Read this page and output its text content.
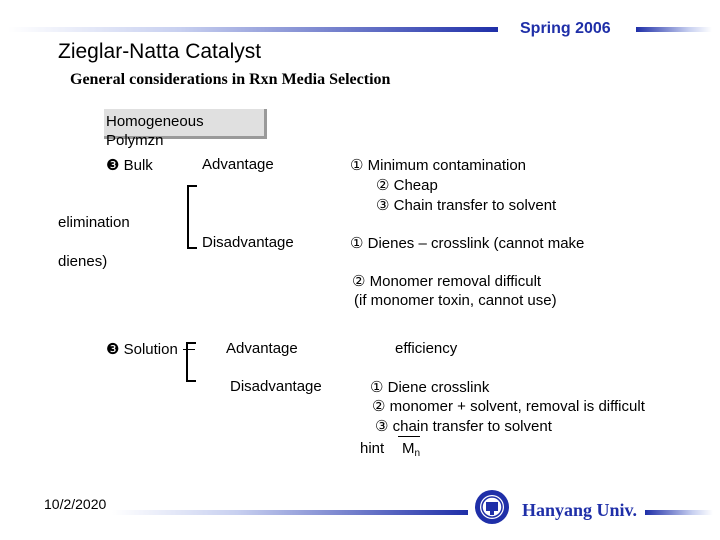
Spring 2006
Zieglar-Natta Catalyst
General considerations in Rxn Media Selection
Homogeneous
Polymzn
❸ Bulk	Advantage	① Minimum contamination
② Cheap
③ Chain transfer to solvent
elimination
Disadvantage	① Dienes – crosslink (cannot make
dienes)
② Monomer removal difficult
(if monomer toxin, cannot use)
❸ Solution	Advantage	efficiency
Disadvantage	① Diene crosslink
② monomer + solvent, removal is difficult
③ chain transfer to solvent
hint $M_n$
10/2/2020	Hanyang Univ.
